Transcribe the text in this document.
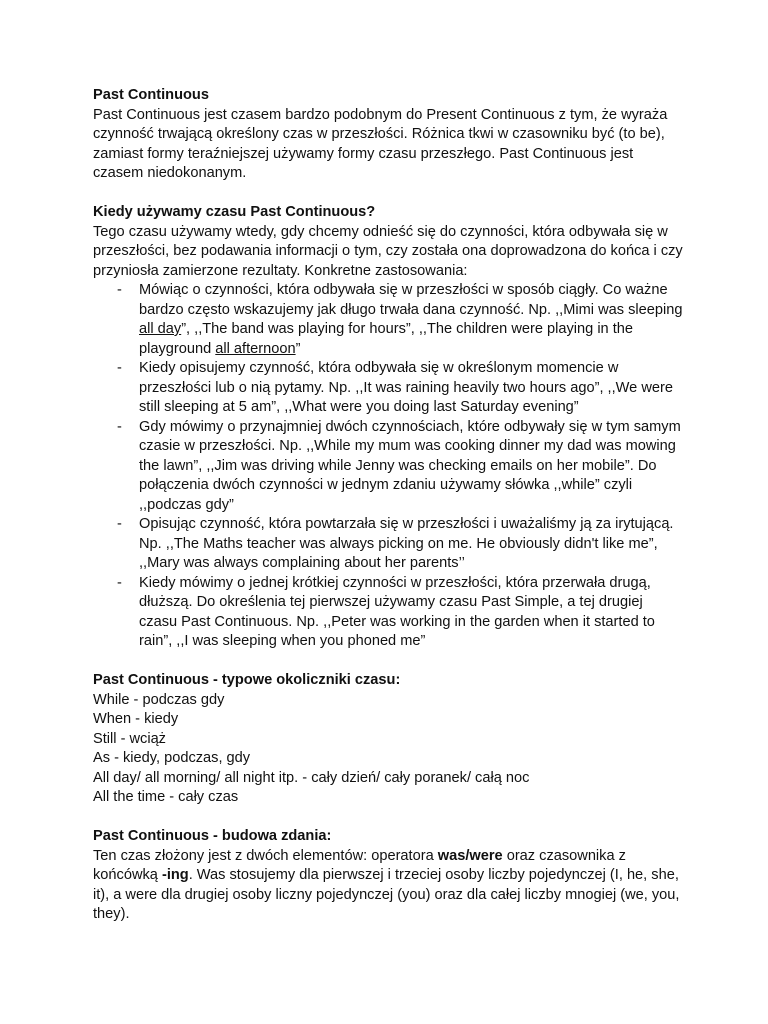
Past Continuous

Past Continuous jest czasem bardzo podobnym do Present Continuous z tym, że wyraża czynność trwającą określony czas w przeszłości. Różnica tkwi w czasowniku być (to be), zamiast formy teraźniejszej używamy formy czasu przeszłego. Past Continuous jest czasem niedokonanym.

Kiedy używamy czasu Past Continuous?

Tego czasu używamy wtedy, gdy chcemy odnieść się do czynności, która odbywała się w przeszłości, bez podawania informacji o tym, czy została ona doprowadzona do końca i czy przyniosła zamierzone rezultaty. Konkretne zastosowania:

- Mówiąc o czynności, która odbywała się w przeszłości w sposób ciągły. Co ważne bardzo często wskazujemy jak długo trwała dana czynność. Np. ,,Mimi was sleeping all day”, ,,The band was playing for hours”, ,,The children were playing in the playground all afternoon”
- Kiedy opisujemy czynność, która odbywała się w określonym momencie w przeszłości lub o nią pytamy. Np. ,,It was raining heavily two hours ago”, ,,We were still sleeping at 5 am”, ,,What were you doing last Saturday evening”
- Gdy mówimy o przynajmniej dwóch czynnościach, które odbywały się w tym samym czasie w przeszłości. Np. ,,While my mum was cooking dinner my dad was mowing the lawn”, ,,Jim was driving while Jenny was checking emails on her mobile”. Do połączenia dwóch czynności w jednym zdaniu używamy słówka ,,while” czyli ,,podczas gdy”
- Opisując czynność, która powtarzała się w przeszłości i uważaliśmy ją za irytującą. Np. ,,The Maths teacher was always picking on me. He obviously didn't like me”, ,,Mary was always complaining about her parents’’
- Kiedy mówimy o jednej krótkiej czynności w przeszłości, która przerwała drugą, dłuższą. Do określenia tej pierwszej używamy czasu Past Simple, a tej drugiej czasu Past Continuous. Np. ,,Peter was working in the garden when it started to rain”, ,,I was sleeping when you phoned me”

Past Continuous - typowe okoliczniki czasu:

While - podczas gdy

When - kiedy

Still - wciąż

As - kiedy, podczas, gdy

All day/ all morning/ all night itp. - cały dzień/ cały poranek/ całą noc

All the time - cały czas

Past Continuous - budowa zdania:

Ten czas złożony jest z dwóch elementów: operatora was/were oraz czasownika z końcówką -ing. Was stosujemy dla pierwszej i trzeciej osoby liczby pojedynczej (I, he, she, it), a were dla drugiej osoby liczny pojedynczej (you) oraz dla całej liczby mnogiej (we, you, they).
